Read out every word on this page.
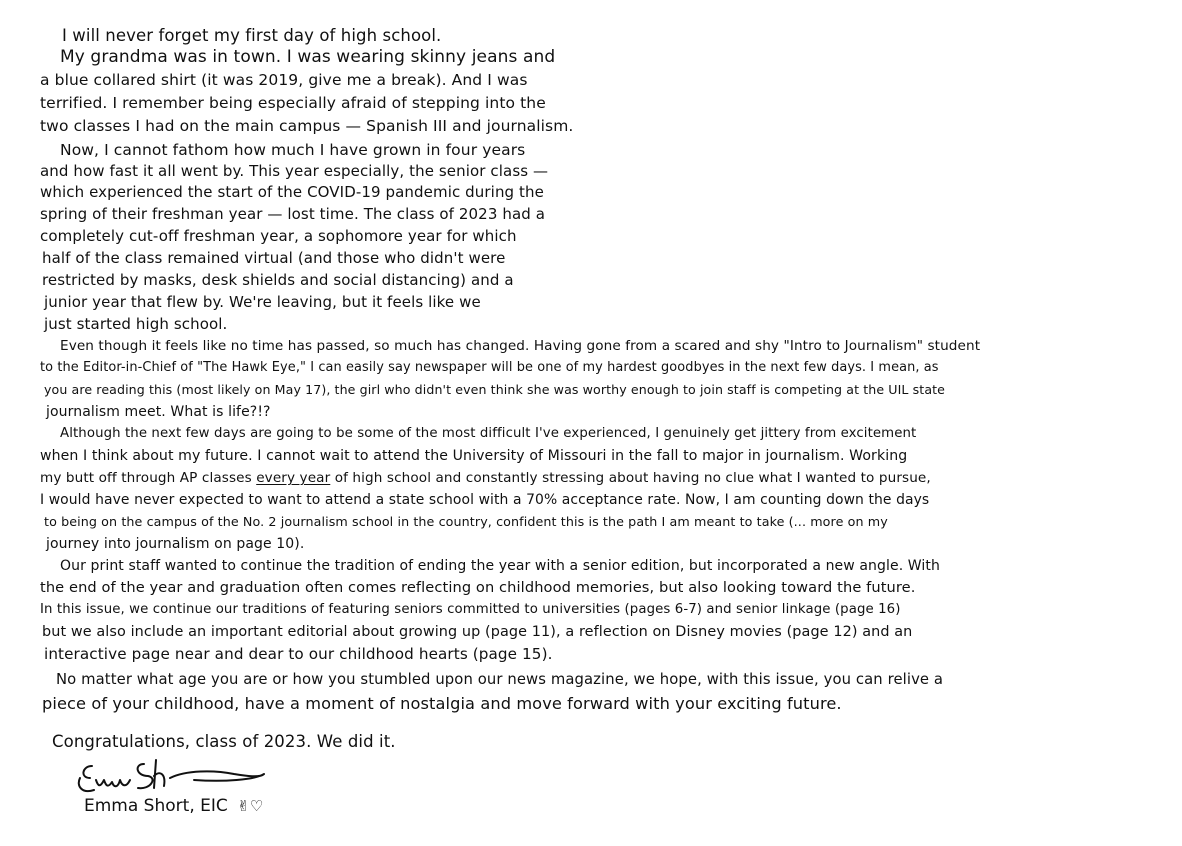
I will never forget my first day of high school.
My grandma was in town. I was wearing skinny jeans and
a blue collared shirt (it was 2019, give me a break). And I was
terrified. I remember being especially afraid of stepping into the
two classes I had on the main campus — Spanish III and journalism.
Now, I cannot fathom how much I have grown in four years
and how fast it all went by. This year especially, the senior class —
which experienced the start of the COVID-19 pandemic during the
spring of their freshman year — lost time. The class of 2023 had a
completely cut-off freshman year, a sophomore year for which
half of the class remained virtual (and those who didn't were
restricted by masks, desk shields and social distancing) and a
junior year that flew by. We're leaving, but it feels like we
just started high school.
Even though it feels like no time has passed, so much has changed. Having gone from a scared and shy "Intro to Journalism" student
to the Editor-in-Chief of "The Hawk Eye," I can easily say newspaper will be one of my hardest goodbyes in the next few days. I mean, as
you are reading this (most likely on May 17), the girl who didn't even think she was worthy enough to join staff is competing at the UIL state
journalism meet. What is life?!?
Although the next few days are going to be some of the most difficult I've experienced, I genuinely get jittery from excitement
when I think about my future. I cannot wait to attend the University of Missouri in the fall to major in journalism. Working
my butt off through AP classes every year of high school and constantly stressing about having no clue what I wanted to pursue,
I would have never expected to want to attend a state school with a 70% acceptance rate. Now, I am counting down the days
to being on the campus of the No. 2 journalism school in the country, confident this is the path I am meant to take (... more on my
journey into journalism on page 10).
Our print staff wanted to continue the tradition of ending the year with a senior edition, but incorporated a new angle. With
the end of the year and graduation often comes reflecting on childhood memories, but also looking toward the future.
In this issue, we continue our traditions of featuring seniors committed to universities (pages 6-7) and senior linkage (page 16)
but we also include an important editorial about growing up (page 11), a reflection on Disney movies (page 12) and an
interactive page near and dear to our childhood hearts (page 15).
No matter what age you are or how you stumbled upon our news magazine, we hope, with this issue, you can relive a
piece of your childhood, have a moment of nostalgia and move forward with your exciting future.
Congratulations, class of 2023. We did it.
Emma Short, EIC ✌♡
